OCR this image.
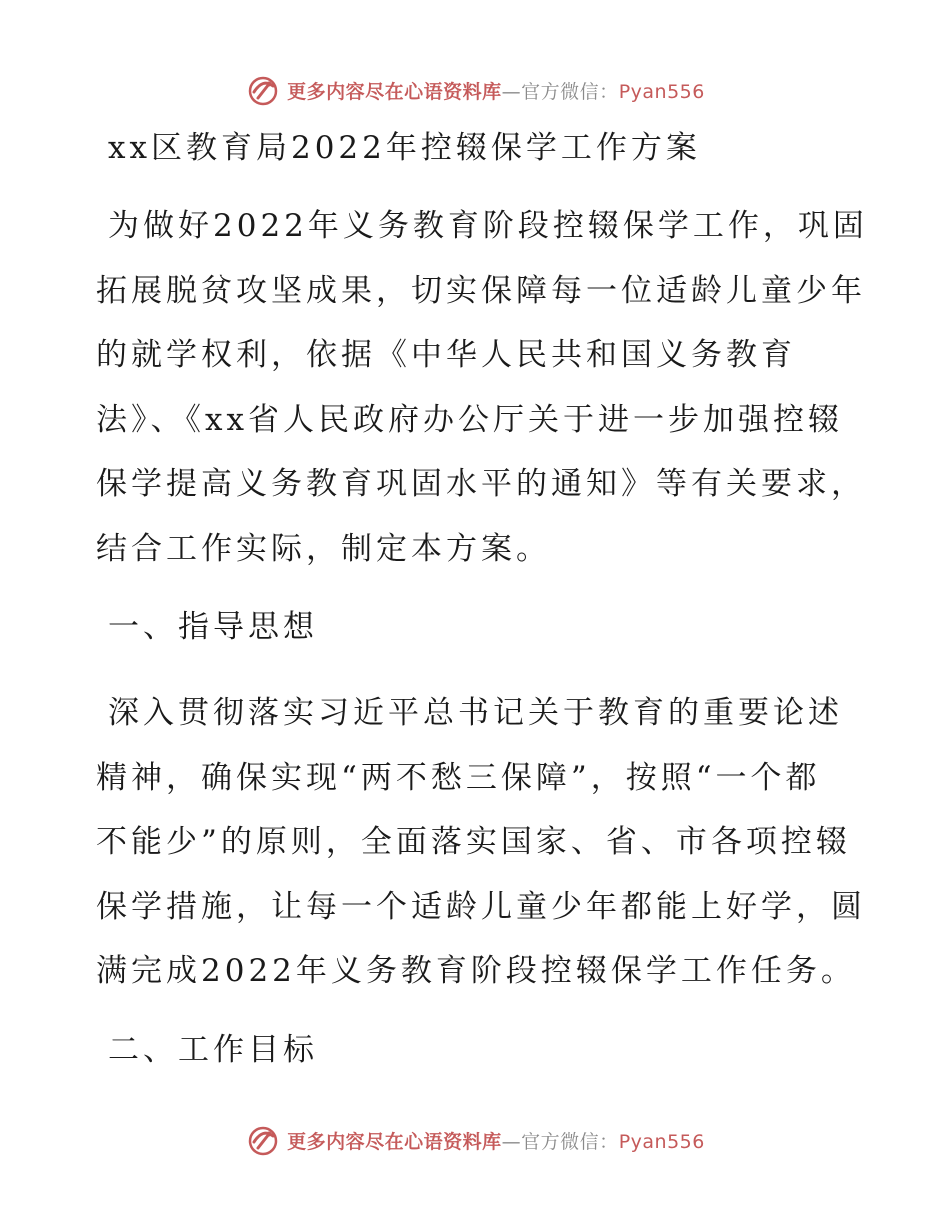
更多内容尽在心语资料库—官方微信：Pyan556
xx区教育局2022年控辍保学工作方案
为做好2022年义务教育阶段控辍保学工作，巩固
拓展脱贫攻坚成果，切实保障每一位适龄儿童少年
的就学权利，依据《中华人民共和国义务教育
法》、《xx省人民政府办公厅关于进一步加强控辍
保学提高义务教育巩固水平的通知》等有关要求，
结合工作实际，制定本方案。
一、指导思想
深入贯彻落实习近平总书记关于教育的重要论述
精神，确保实现“两不愁三保障”，按照“一个都
不能少”的原则，全面落实国家、省、市各项控辍
保学措施，让每一个适龄儿童少年都能上好学，圆
满完成2022年义务教育阶段控辍保学工作任务。
二、工作目标
更多内容尽在心语资料库—官方微信：Pyan556
